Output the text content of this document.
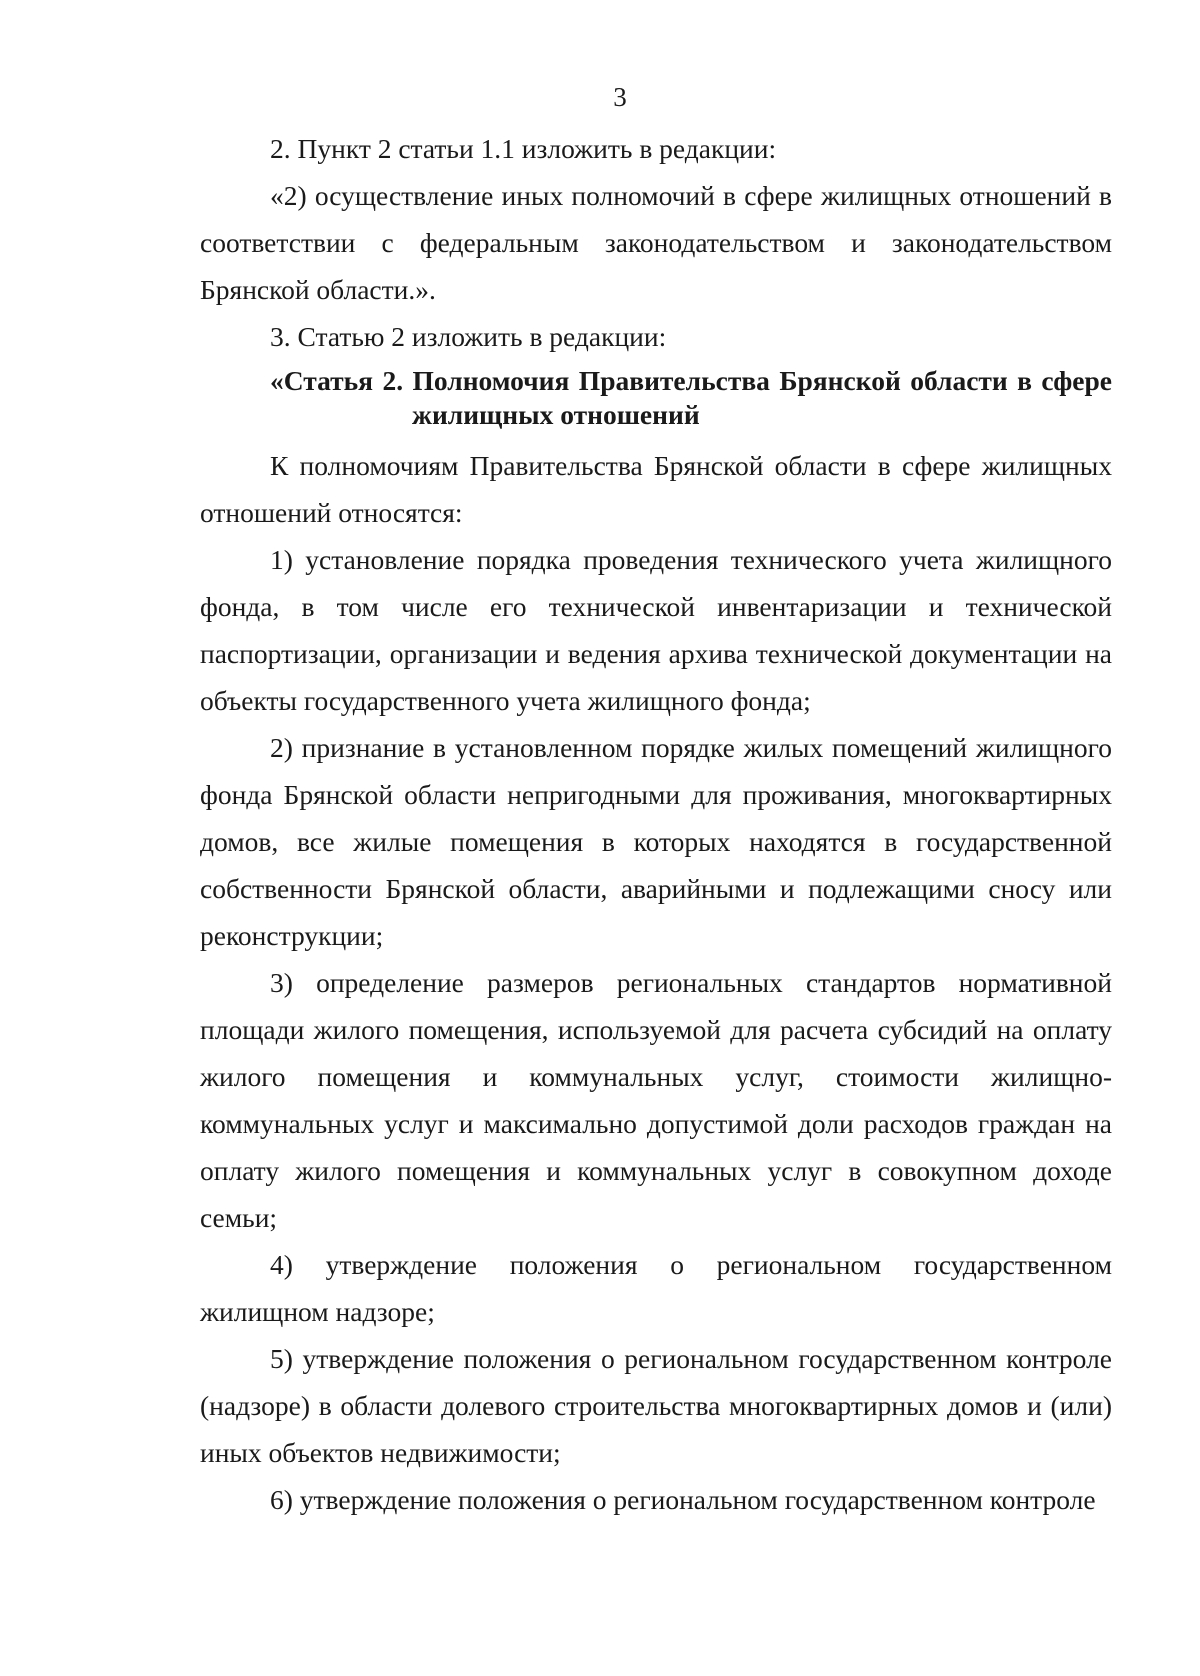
3

2. Пункт 2 статьи 1.1 изложить в редакции:

«2) осуществление иных полномочий в сфере жилищных отношений в соответствии с федеральным законодательством и законодательством Брянской области.».

3. Статью 2 изложить в редакции:

«Статья 2. Полномочия Правительства Брянской области в сфере
жилищных отношений

К полномочиям Правительства Брянской области в сфере жилищных отношений относятся:

1) установление порядка проведения технического учета жилищного фонда, в том числе его технической инвентаризации и технической паспортизации, организации и ведения архива технической документации на объекты государственного учета жилищного фонда;

2) признание в установленном порядке жилых помещений жилищного фонда Брянской области непригодными для проживания, многоквартирных домов, все жилые помещения в которых находятся в государственной собственности Брянской области, аварийными и подлежащими сносу или реконструкции;

3) определение размеров региональных стандартов нормативной площади жилого помещения, используемой для расчета субсидий на оплату жилого помещения и коммунальных услуг, стоимости жилищно-коммунальных услуг и максимально допустимой доли расходов граждан на оплату жилого помещения и коммунальных услуг в совокупном доходе семьи;

4) утверждение положения о региональном государственном жилищном надзоре;

5) утверждение положения о региональном государственном контроле (надзоре) в области долевого строительства многоквартирных домов и (или) иных объектов недвижимости;

6) утверждение положения о региональном государственном контроле
